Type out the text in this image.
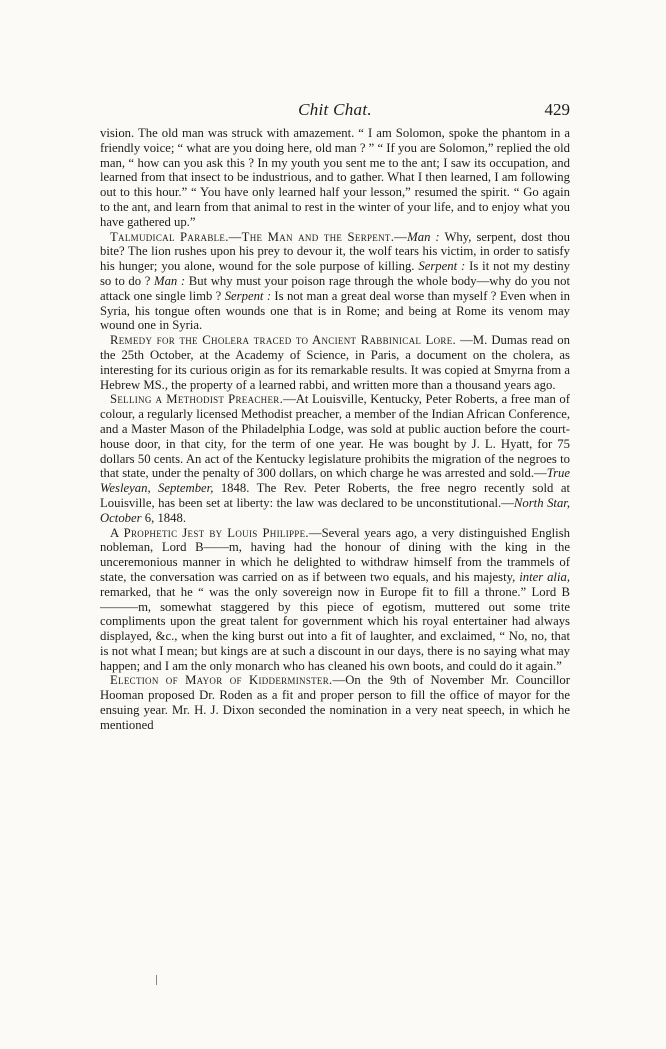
Chit Chat.	429

vision. The old man was struck with amazement. “ I am Solomon, spoke the phantom in a friendly voice; “ what are you doing here, old man ? ” “ If you are Solomon,” replied the old man, “ how can you ask this ? In my youth you sent me to the ant; I saw its occupation, and learned from that insect to be industrious, and to gather. What I then learned, I am following out to this hour.” “ You have only learned half your lesson,” resumed the spirit. “ Go again to the ant, and learn from that animal to rest in the winter of your life, and to enjoy what you have gathered up.”

Talmudical Parable.—The Man and the Serpent.—Man : Why, serpent, dost thou bite? The lion rushes upon his prey to devour it, the wolf tears his victim, in order to satisfy his hunger; you alone, wound for the sole purpose of killing. Serpent : Is it not my destiny so to do ? Man : But why must your poison rage through the whole body—why do you not attack one single limb ? Serpent : Is not man a great deal worse than myself ? Even when in Syria, his tongue often wounds one that is in Rome; and being at Rome its venom may wound one in Syria.

Remedy for the Cholera traced to Ancient Rabbinical Lore. —M. Dumas read on the 25th October, at the Academy of Science, in Paris, a document on the cholera, as interesting for its curious origin as for its remarkable results. It was copied at Smyrna from a Hebrew MS., the property of a learned rabbi, and written more than a thousand years ago.

Selling a Methodist Preacher.—At Louisville, Kentucky, Peter Roberts, a free man of colour, a regularly licensed Methodist preacher, a member of the Indian African Conference, and a Master Mason of the Philadelphia Lodge, was sold at public auction before the court-house door, in that city, for the term of one year. He was bought by J. L. Hyatt, for 75 dollars 50 cents. An act of the Kentucky legislature prohibits the migration of the negroes to that state, under the penalty of 300 dollars, on which charge he was arrested and sold.—True Wesleyan, September, 1848. The Rev. Peter Roberts, the free negro recently sold at Louisville, has been set at liberty: the law was declared to be unconstitutional.—North Star, October 6, 1848.

A Prophetic Jest by Louis Philippe.—Several years ago, a very distinguished English nobleman, Lord B——m, having had the honour of dining with the king in the unceremonious manner in which he delighted to withdraw himself from the trammels of state, the conversation was carried on as if between two equals, and his majesty, inter alia, remarked, that he “ was the only sovereign now in Europe fit to fill a throne.” Lord B———m, somewhat staggered by this piece of egotism, muttered out some trite compliments upon the great talent for government which his royal entertainer had always displayed, &c., when the king burst out into a fit of laughter, and exclaimed, “ No, no, that is not what I mean; but kings are at such a discount in our days, there is no saying what may happen; and I am the only monarch who has cleaned his own boots, and could do it again.”

Election of Mayor of Kidderminster.—On the 9th of November Mr. Councillor Hooman proposed Dr. Roden as a fit and proper person to fill the office of mayor for the ensuing year. Mr. H. J. Dixon seconded the nomination in a very neat speech, in which he mentioned
